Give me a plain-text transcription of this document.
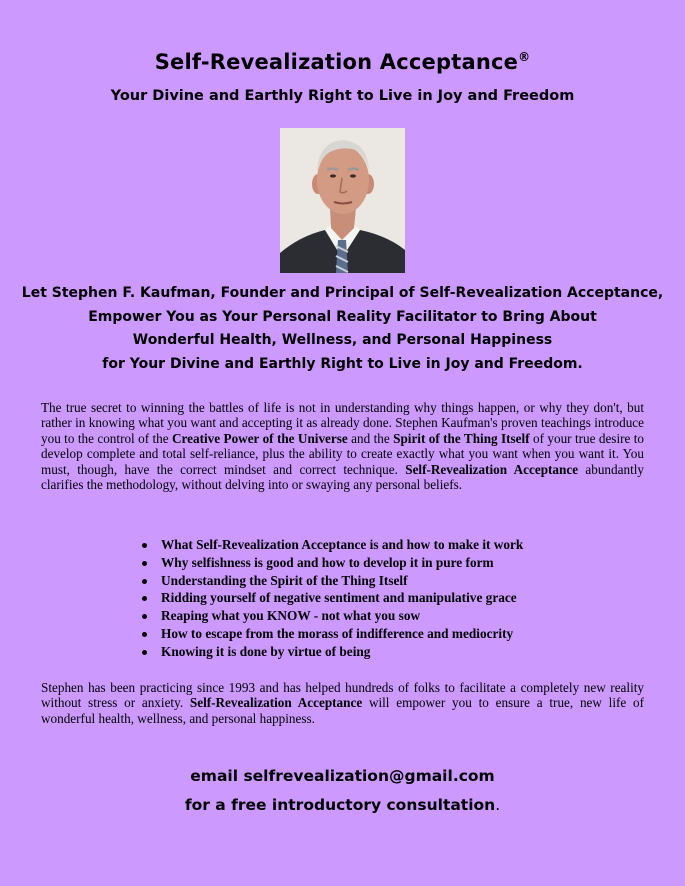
Self-Revealization Acceptance®
Your Divine and Earthly Right to Live in Joy and Freedom
Let Stephen F. Kaufman, Founder and Principal of Self-Revealization Acceptance,
Empower You as Your Personal Reality Facilitator to Bring About
Wonderful Health, Wellness, and Personal Happiness
for Your Divine and Earthly Right to Live in Joy and Freedom.
The true secret to winning the battles of life is not in understanding why things happen, or why they don't, but rather in knowing what you want and accepting it as already done. Stephen Kaufman's proven teachings introduce you to the control of the Creative Power of the Universe and the Spirit of the Thing Itself of your true desire to develop complete and total self-reliance, plus the ability to create exactly what you want when you want it. You must, though, have the correct mindset and correct technique. Self-Revealization Acceptance abundantly clarifies the methodology, without delving into or swaying any personal beliefs.
What Self-Revealization Acceptance is and how to make it work
Why selfishness is good and how to develop it in pure form
Understanding the Spirit of the Thing Itself
Ridding yourself of negative sentiment and manipulative grace
Reaping what you KNOW - not what you sow
How to escape from the morass of indifference and mediocrity
Knowing it is done by virtue of being
Stephen has been practicing since 1993 and has helped hundreds of folks to facilitate a completely new reality without stress or anxiety. Self-Revealization Acceptance will empower you to ensure a true, new life of wonderful health, wellness, and personal happiness.
email selfrevealization@gmail.com
for a free introductory consultation.
